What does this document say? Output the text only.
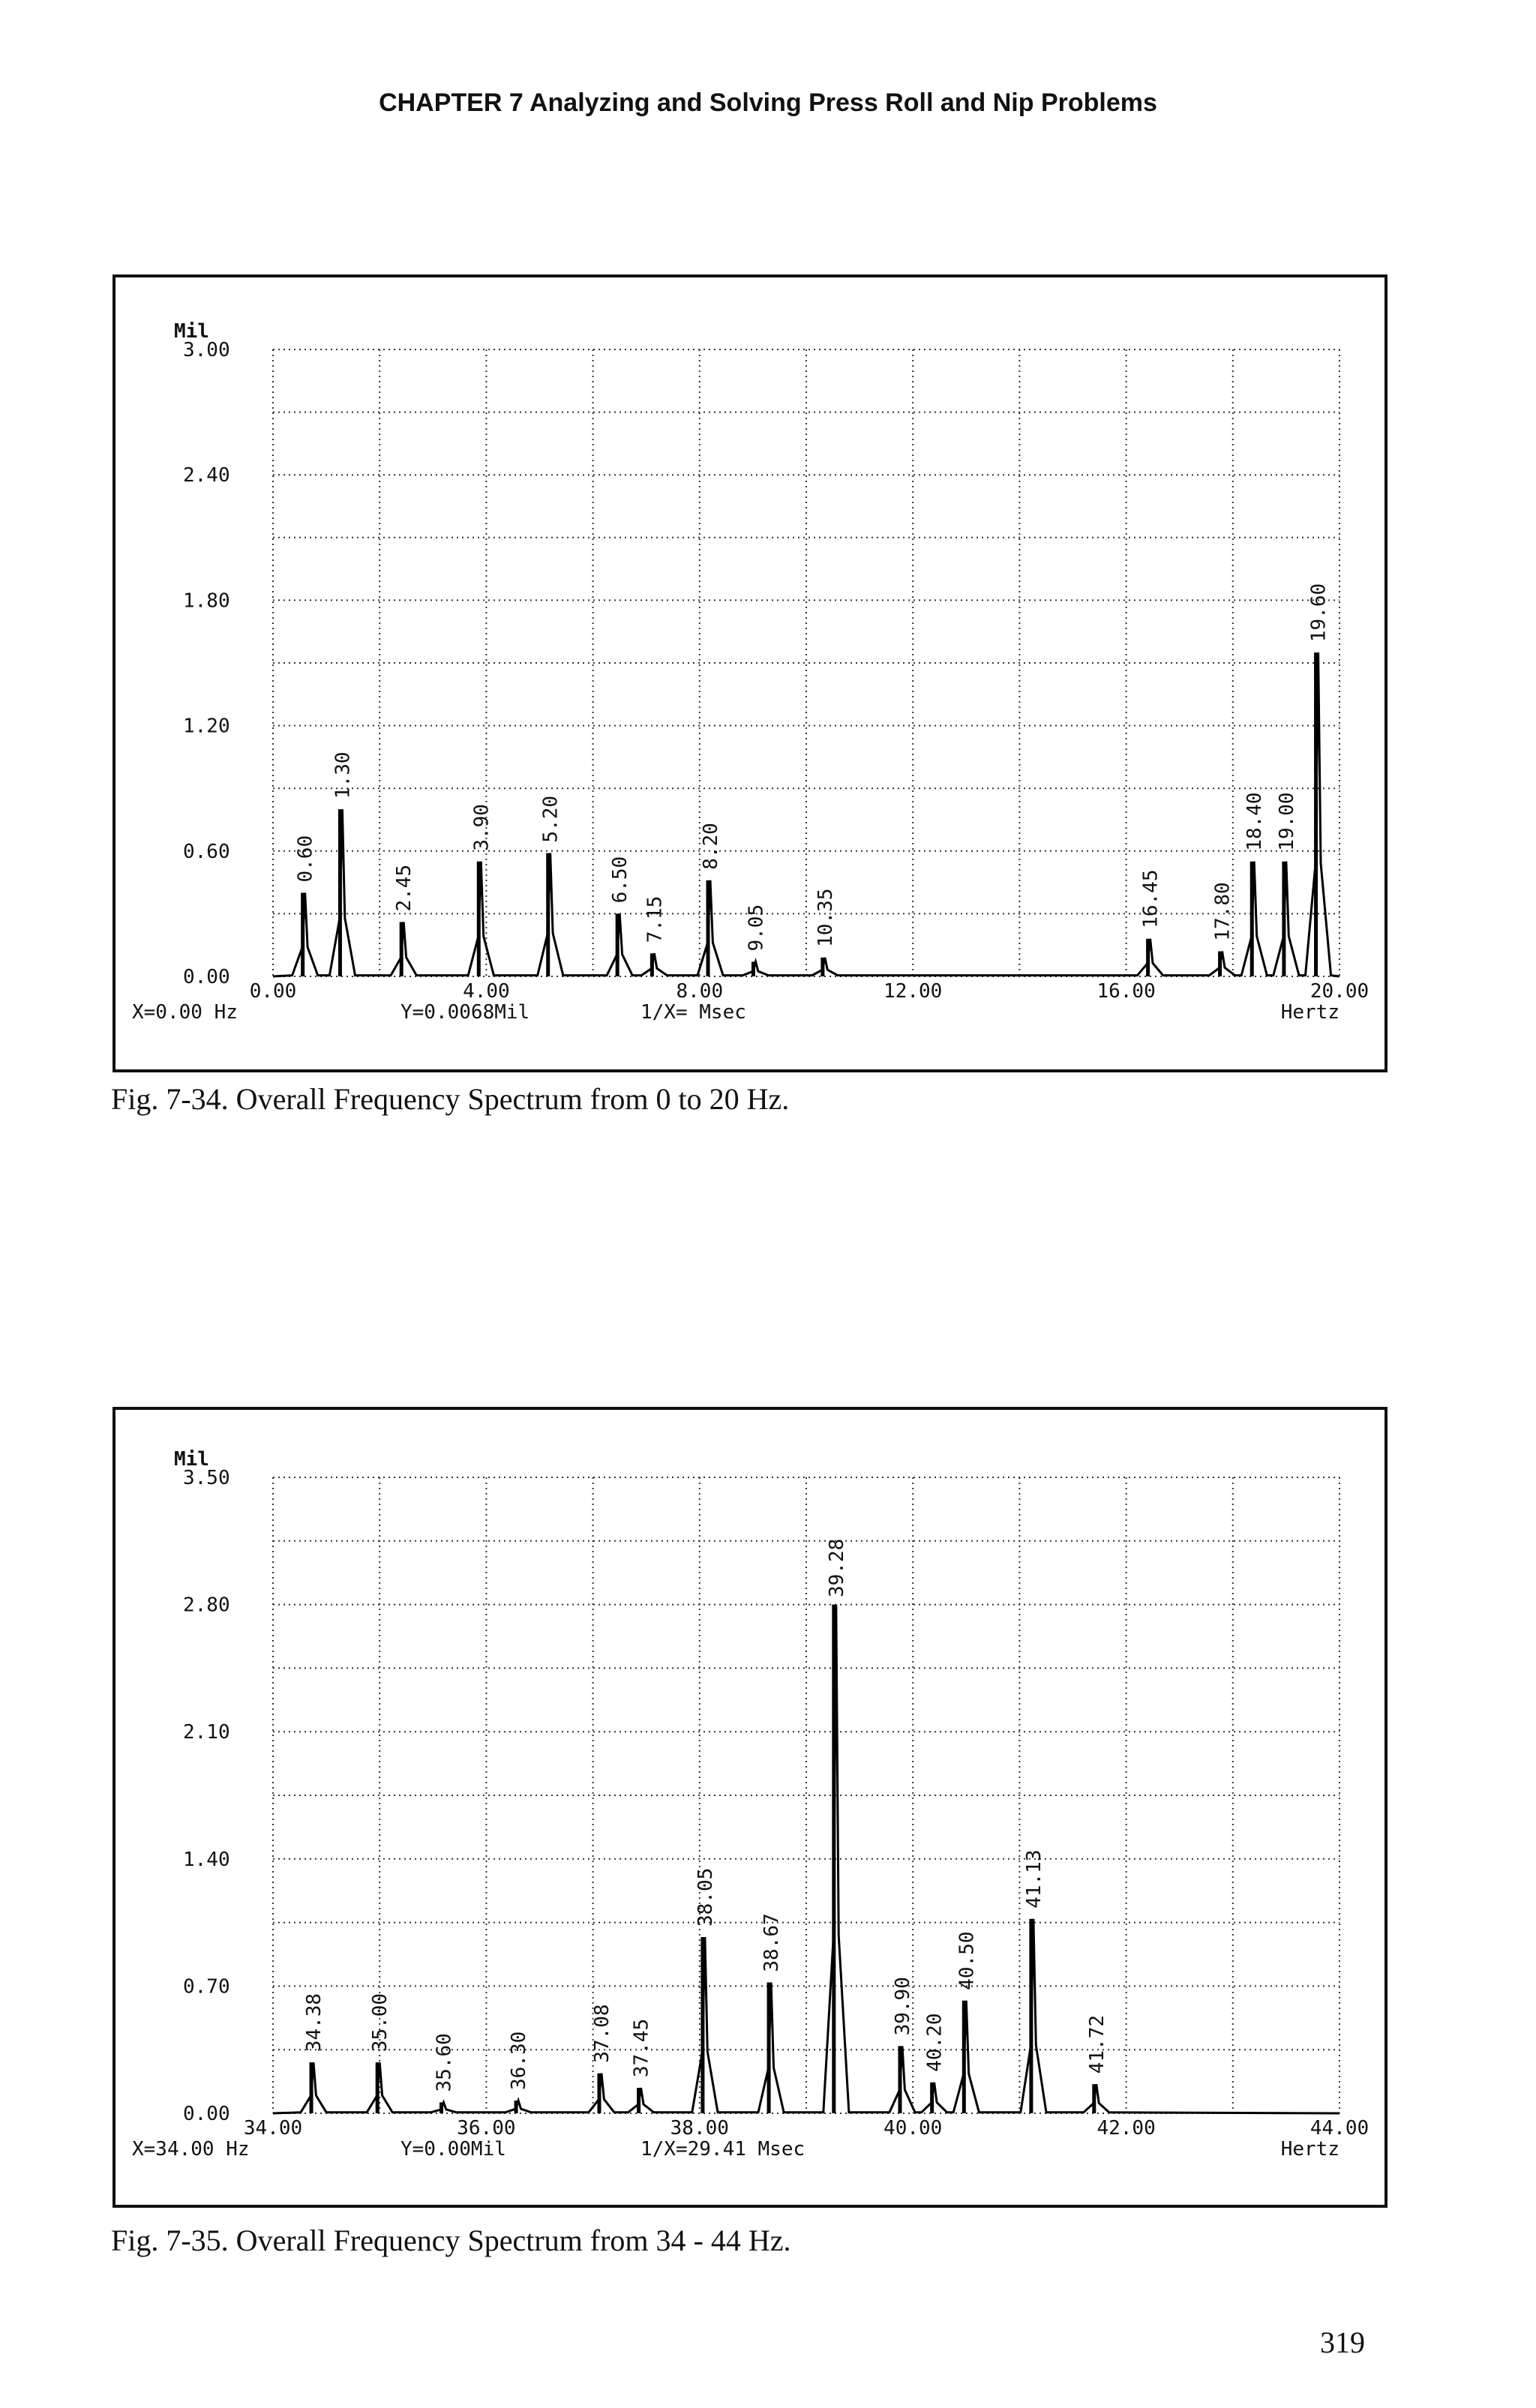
CHAPTER 7 Analyzing and Solving Press Roll and Nip Problems
Mil
3.00
2.40
1.80
1.20
0.60
0.00
0.00	4.00	8.00	12.00	16.00	20.00
X=0.00 Hz	Y=0.0068Mil	1/X= Msec	Hertz
0.60
1.30
2.45
3.90 5.20
6.50
7.15
8.20
9.05 10.35	16.45	17.80
18.40 19.00
19.60
Fig. 7-34. Overall Frequency Spectrum from 0 to 20 Hz.
Mil
3.50
2.80
2.10
1.40
0.70
0.00
34.00	36.00	38.00	40.00	42.00	44.00
X=34.00 Hz	Y=0.00Mil	1/X=29.41 Msec	Hertz
34.38 35.00
35.60	36.30	37.08 37.45
38.05
38.67
39.28
39.90
40.20
40.50
41.13
41.72
Fig. 7-35. Overall Frequency Spectrum from 34 - 44 Hz.
319
